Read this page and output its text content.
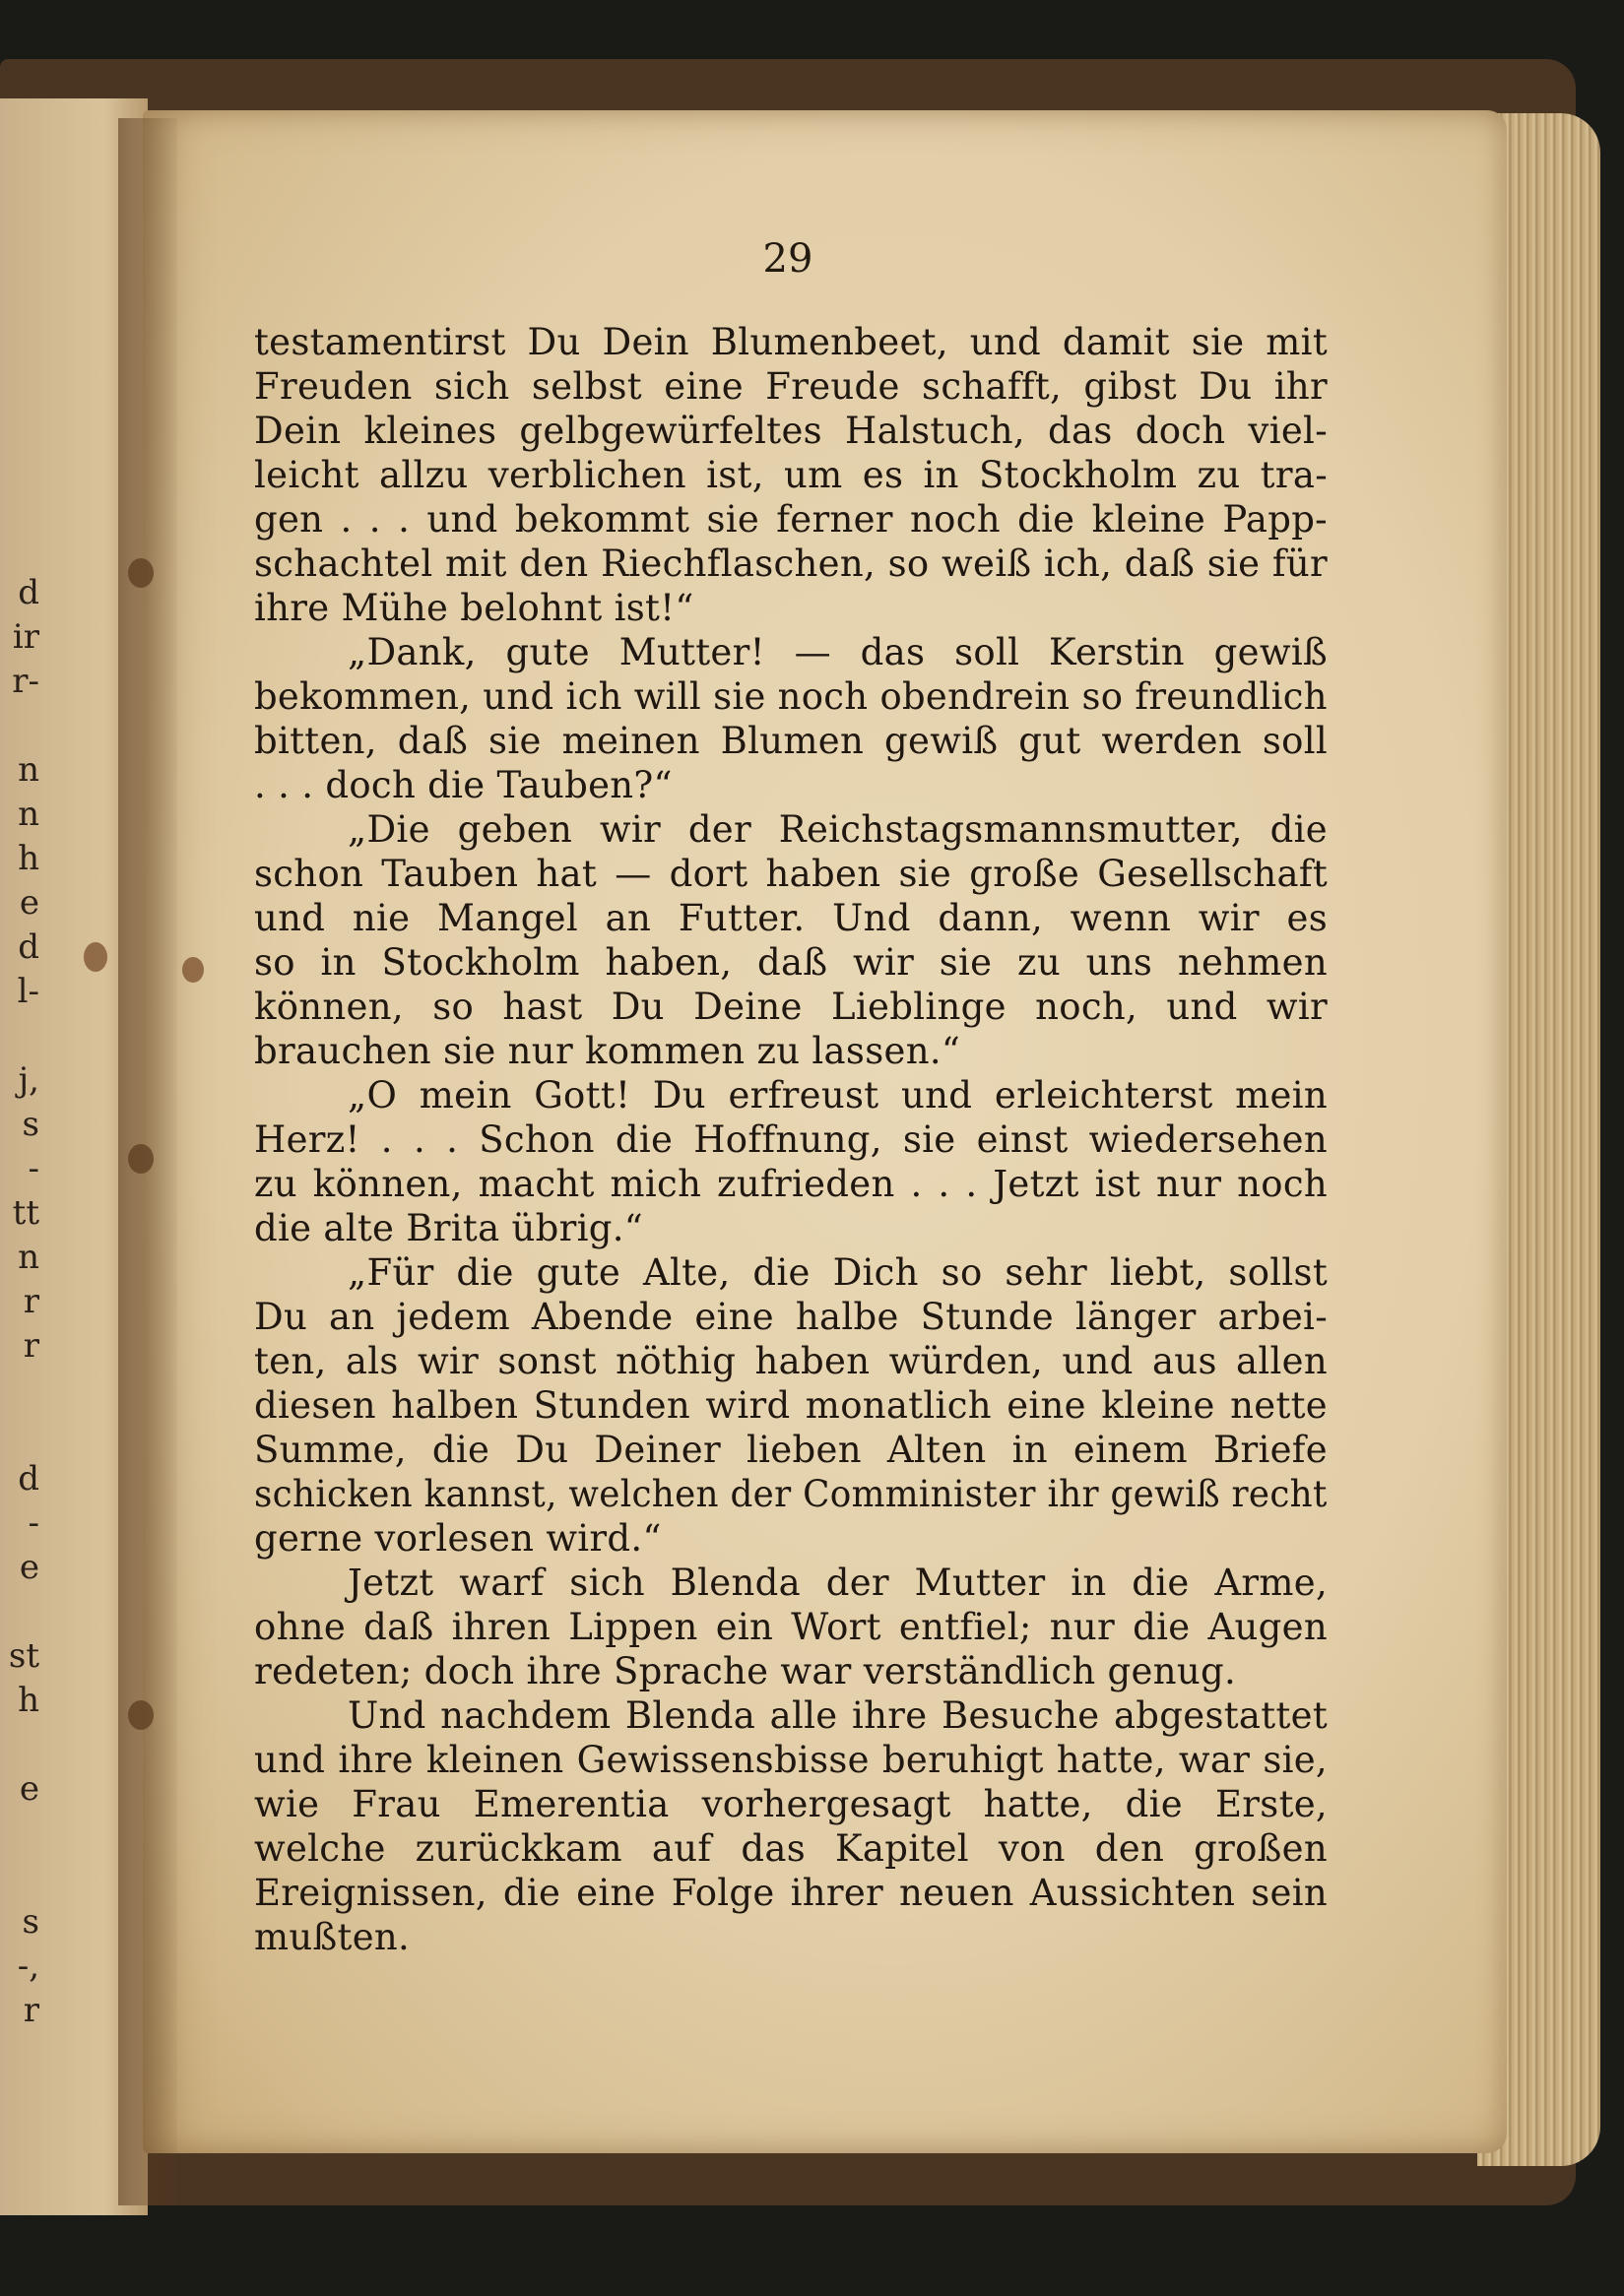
d
ir
r-
n
n
h
e
d
l-
j,
s
-
tt
n
r
r
d
-
e
st
h
e
s
-,
r
29
testamentirst Du Dein Blumenbeet, und damit sie mit
Freuden sich selbst eine Freude schafft, gibst Du ihr
Dein kleines gelbgewürfeltes Halstuch, das doch viel-
leicht allzu verblichen ist, um es in Stockholm zu tra-
gen . . . und bekommt sie ferner noch die kleine Papp-
schachtel mit den Riechflaschen, so weiß ich, daß sie für
ihre Mühe belohnt ist!“
„Dank, gute Mutter! — das soll Kerstin gewiß
bekommen, und ich will sie noch obendrein so freundlich
bitten, daß sie meinen Blumen gewiß gut werden soll
. . . doch die Tauben?“
„Die geben wir der Reichstagsmannsmutter, die
schon Tauben hat — dort haben sie große Gesellschaft
und nie Mangel an Futter. Und dann, wenn wir es
so in Stockholm haben, daß wir sie zu uns nehmen
können, so hast Du Deine Lieblinge noch, und wir
brauchen sie nur kommen zu lassen.“
„O mein Gott! Du erfreust und erleichterst mein
Herz! . . . Schon die Hoffnung, sie einst wiedersehen
zu können, macht mich zufrieden . . . Jetzt ist nur noch
die alte Brita übrig.“
„Für die gute Alte, die Dich so sehr liebt, sollst
Du an jedem Abende eine halbe Stunde länger arbei-
ten, als wir sonst nöthig haben würden, und aus allen
diesen halben Stunden wird monatlich eine kleine nette
Summe, die Du Deiner lieben Alten in einem Briefe
schicken kannst, welchen der Comminister ihr gewiß recht
gerne vorlesen wird.“
Jetzt warf sich Blenda der Mutter in die Arme,
ohne daß ihren Lippen ein Wort entfiel; nur die Augen
redeten; doch ihre Sprache war verständlich genug.
Und nachdem Blenda alle ihre Besuche abgestattet
und ihre kleinen Gewissensbisse beruhigt hatte, war sie,
wie Frau Emerentia vorhergesagt hatte, die Erste,
welche zurückkam auf das Kapitel von den großen
Ereignissen, die eine Folge ihrer neuen Aussichten sein
mußten.
